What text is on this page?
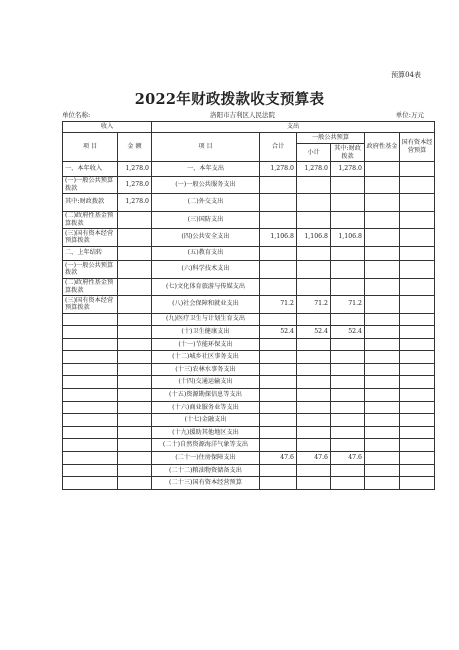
预算04表
2022年财政拨款收支预算表
单位名称:	洛阳市吉利区人民法院	单位:万元
收入		支出					
项 目	金 额	项 目	合计	一般公共预算		政府性基金	国有资本经营预算
				小计	其中:财政拨款		
一、本年收入	1,278.0	一、本年支出	1,278.0	1,278.0	1,278.0		
(一)一般公共预算拨款	1,278.0	(一)一般公共服务支出					
其中:财政拨款	1,278.0	(二)外交支出					
(二)政府性基金预算拨款		(三)国防支出					
(三)国有资本经营预算拨款		(四)公共安全支出	1,106.8	1,106.8	1,106.8		
二、上年结转		(五)教育支出					
(一)一般公共预算拨款		(六)科学技术支出					
(二)政府性基金预算拨款		(七)文化体育旅游与传媒支出					
(三)国有资本经营预算拨款		(八)社会保障和就业支出	71.2	71.2	71.2		
		(九)医疗卫生与计划生育支出					
		(十)卫生健康支出	52.4	52.4	52.4		
		(十一)节能环保支出					
		(十二)城乡社区事务支出					
		(十三)农林水事务支出					
		(十四)交通运输支出					
		(十五)资源勘探信息等支出					
		(十六)商业服务业等支出					
		(十七)金融支出					
		(十九)援助其他地区支出					
		(二十)自然资源海洋气象等支出					
		(二十一)住房保障支出	47.6	47.6	47.6		
		(二十二)粮油物资储备支出					
		(二十三)国有资本经营预算					
